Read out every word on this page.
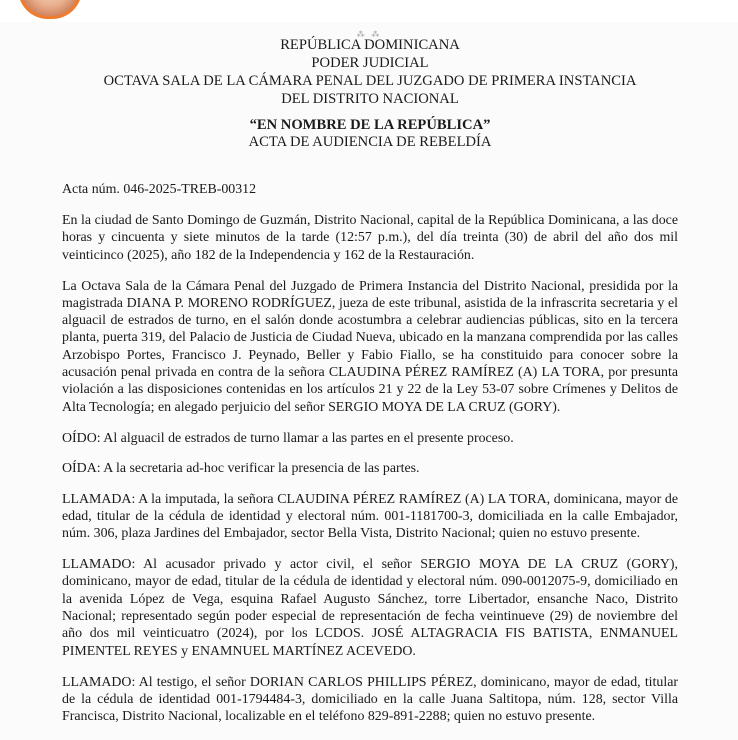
⁂ ⁂
REPÚBLICA DOMINICANA
PODER JUDICIAL
OCTAVA SALA DE LA CÁMARA PENAL DEL JUZGADO DE PRIMERA INSTANCIA
DEL DISTRITO NACIONAL
“EN NOMBRE DE LA REPÚBLICA”
ACTA DE AUDIENCIA DE REBELDÍA

Acta núm. 046-2025-TREB-00312

En la ciudad de Santo Domingo de Guzmán, Distrito Nacional, capital de la República Dominicana, a las doce horas y cincuenta y siete minutos de la tarde (12:57 p.m.), del día treinta (30) de abril del año dos mil veinticinco (2025), año 182 de la Independencia y 162 de la Restauración.

La Octava Sala de la Cámara Penal del Juzgado de Primera Instancia del Distrito Nacional, presidida por la magistrada DIANA P. MORENO RODRÍGUEZ, jueza de este tribunal, asistida de la infrascrita secretaria y el alguacil de estrados de turno, en el salón donde acostumbra a celebrar audiencias públicas, sito en la tercera planta, puerta 319, del Palacio de Justicia de Ciudad Nueva, ubicado en la manzana comprendida por las calles Arzobispo Portes, Francisco J. Peynado, Beller y Fabio Fiallo, se ha constituido para conocer sobre la acusación penal privada en contra de la señora CLAUDINA PÉREZ RAMÍREZ (A) LA TORA, por presunta violación a las disposiciones contenidas en los artículos 21 y 22 de la Ley 53-07 sobre Crímenes y Delitos de Alta Tecnología; en alegado perjuicio del señor SERGIO MOYA DE LA CRUZ (GORY).

OÍDO: Al alguacil de estrados de turno llamar a las partes en el presente proceso.

OÍDA: A la secretaria ad-hoc verificar la presencia de las partes.

LLAMADA: A la imputada, la señora CLAUDINA PÉREZ RAMÍREZ (A) LA TORA, dominicana, mayor de edad, titular de la cédula de identidad y electoral núm. 001-1181700-3, domiciliada en la calle Embajador, núm. 306, plaza Jardines del Embajador, sector Bella Vista, Distrito Nacional; quien no estuvo presente.

LLAMADO: Al acusador privado y actor civil, el señor SERGIO MOYA DE LA CRUZ (GORY), dominicano, mayor de edad, titular de la cédula de identidad y electoral núm. 090-0012075-9, domiciliado en la avenida López de Vega, esquina Rafael Augusto Sánchez, torre Libertador, ensanche Naco, Distrito Nacional; representado según poder especial de representación de fecha veintinueve (29) de noviembre del año dos mil veinticuatro (2024), por los LCDOS. JOSÉ ALTAGRACIA FIS BATISTA, ENMANUEL PIMENTEL REYES y ENAMNUEL MARTÍNEZ ACEVEDO.

LLAMADO: Al testigo, el señor DORIAN CARLOS PHILLIPS PÉREZ, dominicano, mayor de edad, titular de la cédula de identidad 001-1794484-3, domiciliado en la calle Juana Saltitopa, núm. 128, sector Villa Francisca, Distrito Nacional, localizable en el teléfono 829-891-2288; quien no estuvo presente.
